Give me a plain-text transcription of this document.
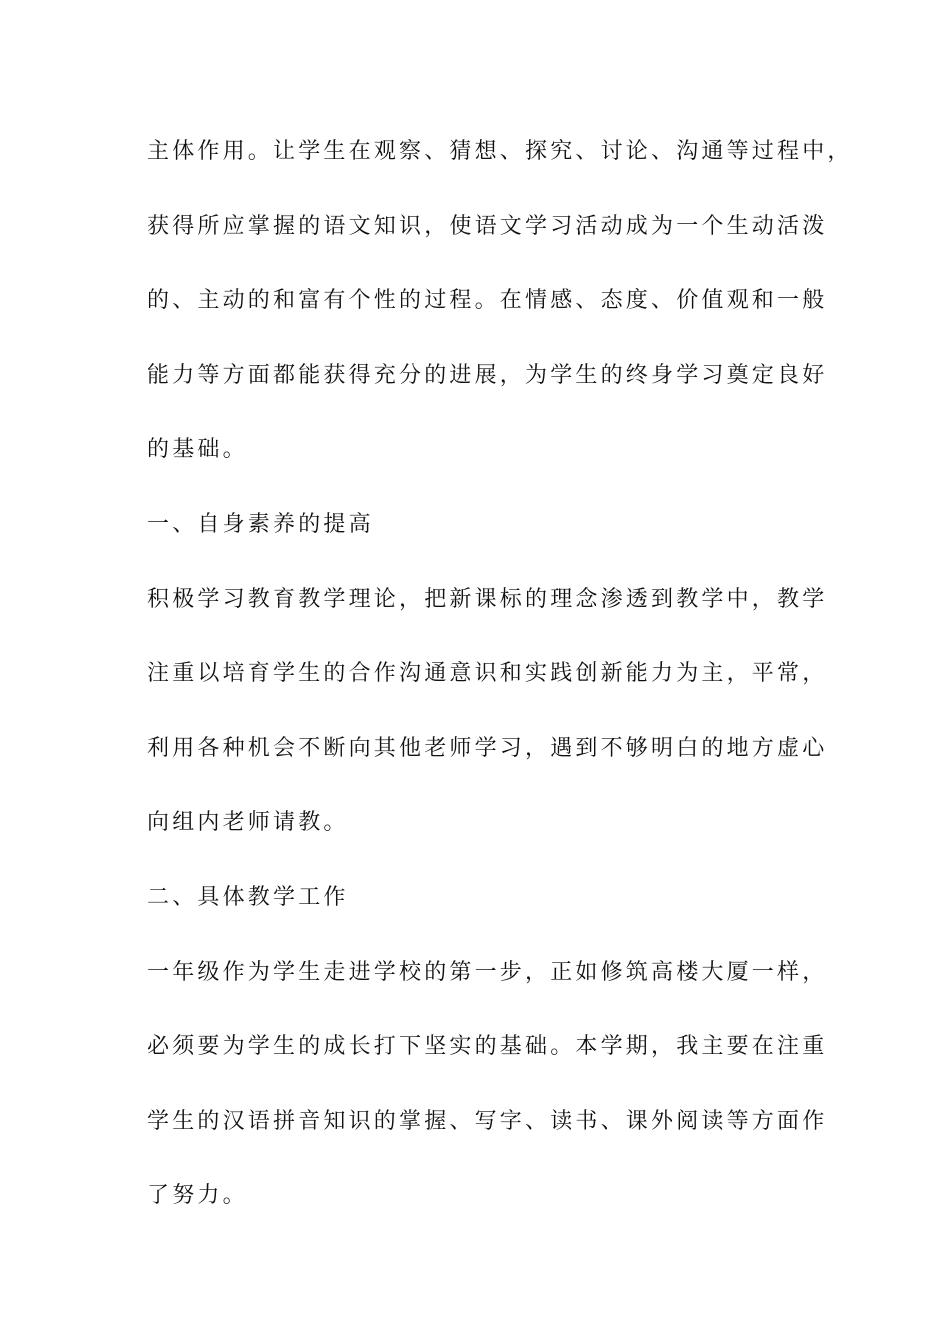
主体作用。让学生在观察、猜想、探究、讨论、沟通等过程中，
获得所应掌握的语文知识，使语文学习活动成为一个生动活泼
的、主动的和富有个性的过程。在情感、态度、价值观和一般
能力等方面都能获得充分的进展，为学生的终身学习奠定良好
的基础。
一、自身素养的提高
积极学习教育教学理论，把新课标的理念渗透到教学中，教学
注重以培育学生的合作沟通意识和实践创新能力为主，平常，
利用各种机会不断向其他老师学习，遇到不够明白的地方虚心
向组内老师请教。
二、具体教学工作
一年级作为学生走进学校的第一步，正如修筑高楼大厦一样，
必须要为学生的成长打下坚实的基础。本学期，我主要在注重
学生的汉语拼音知识的掌握、写字、读书、课外阅读等方面作
了努力。
